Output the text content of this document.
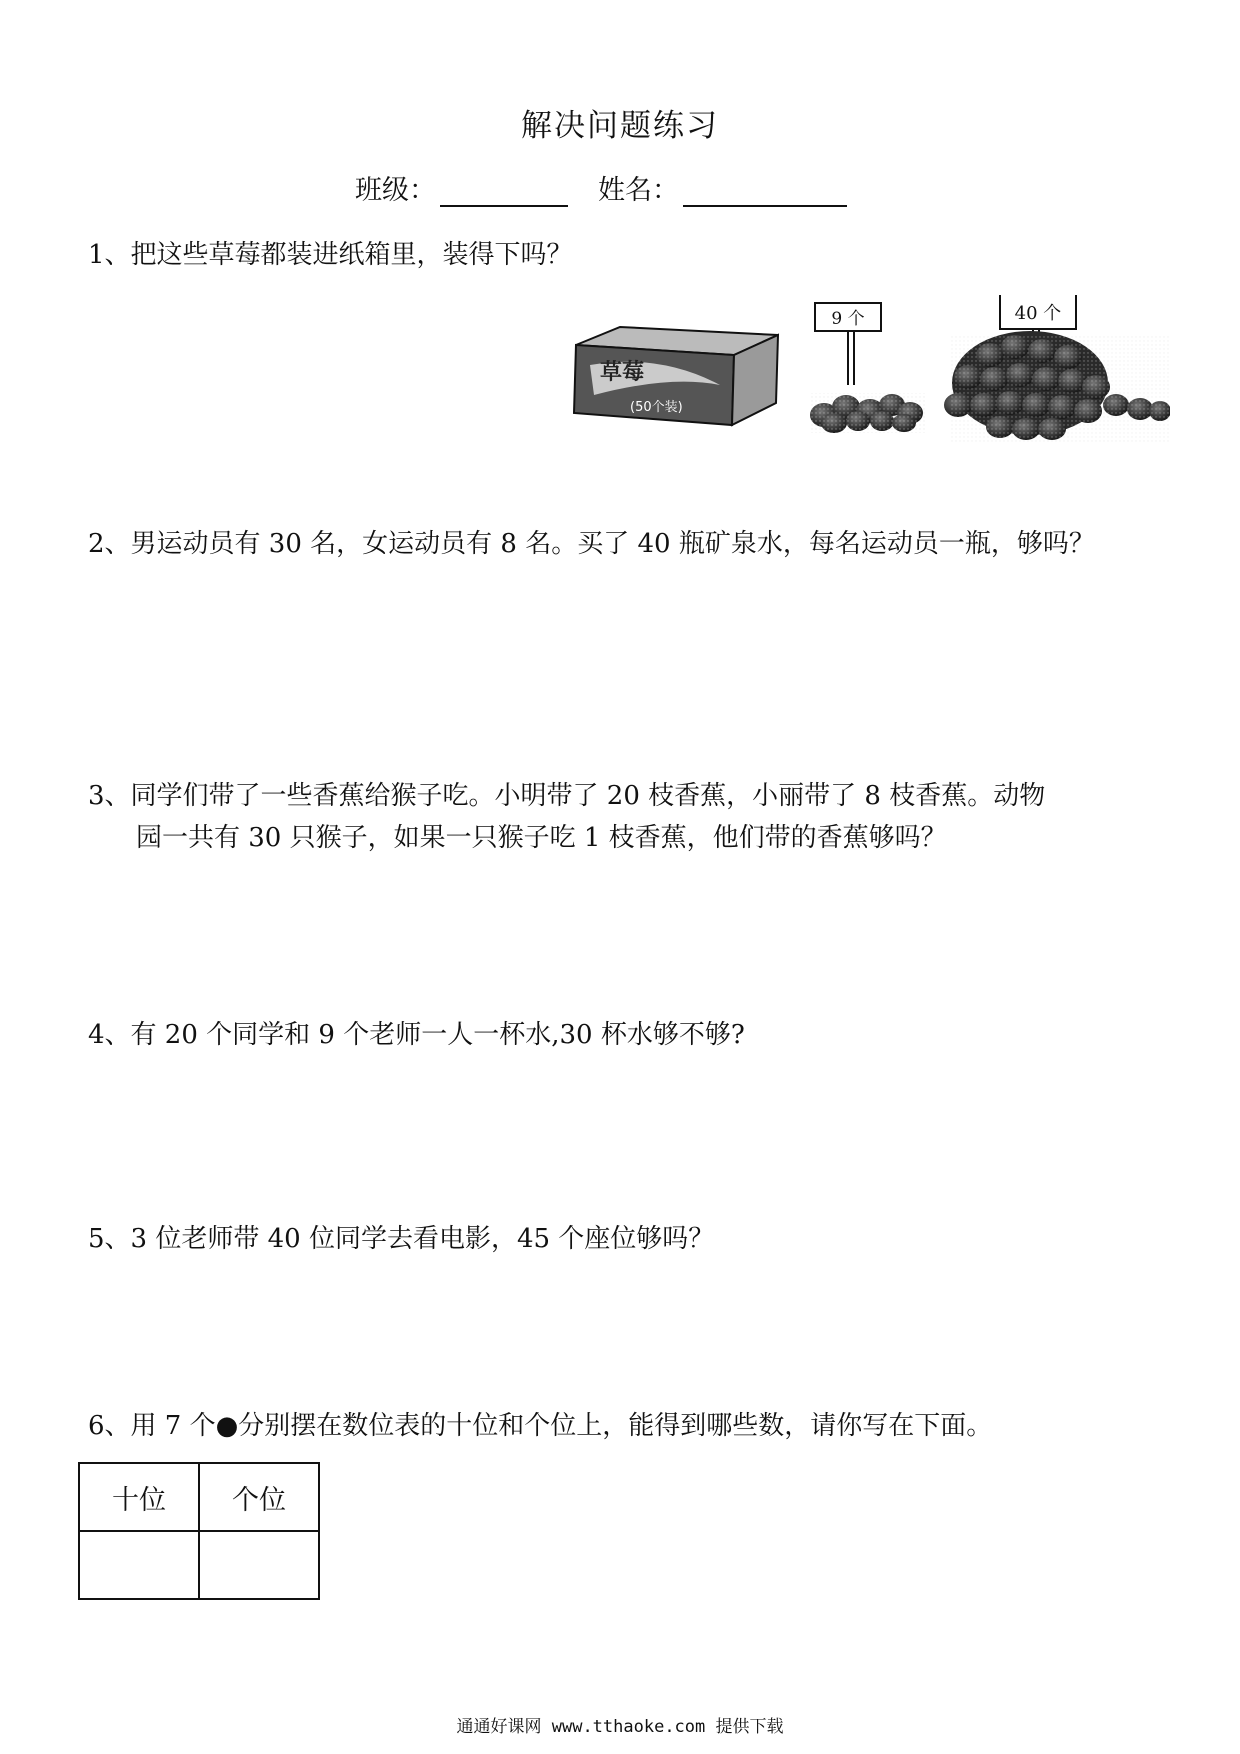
解决问题练习
班级：	姓名：
1、把这些草莓都装进纸箱里，装得下吗？
草莓
(50个装)
9 个	40 个
2、男运动员有 30 名，女运动员有 8 名。买了 40 瓶矿泉水，每名运动员一瓶，够吗？
3、同学们带了一些香蕉给猴子吃。小明带了 20 枝香蕉，小丽带了 8 枝香蕉。动物
园一共有 30 只猴子，如果一只猴子吃 1 枝香蕉，他们带的香蕉够吗？
4、有 20 个同学和 9 个老师一人一杯水,30 杯水够不够?
5、3 位老师带 40 位同学去看电影，45 个座位够吗？
6、用 7 个●分别摆在数位表的十位和个位上，能得到哪些数，请你写在下面。
十位	个位

通通好课网 www.tthaoke.com 提供下载
